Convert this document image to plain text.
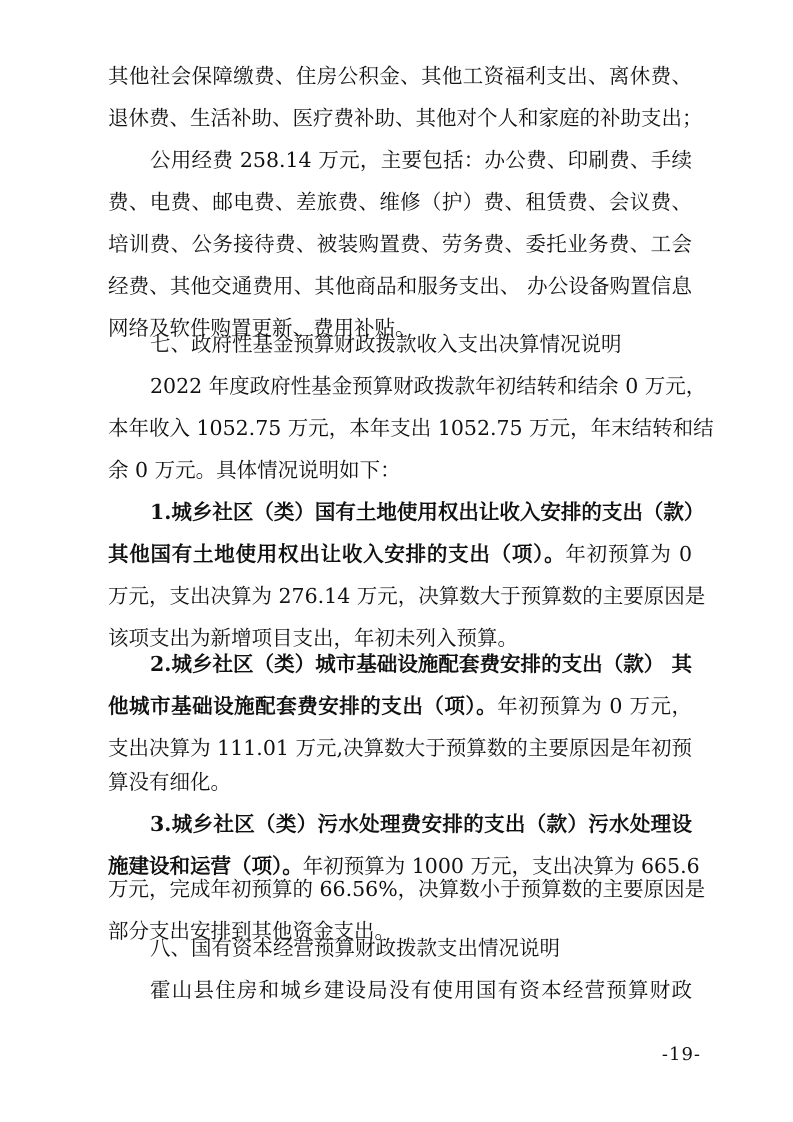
其他社会保障缴费、住房公积金、其他工资福利支出、离休费、
退休费、生活补助、医疗费补助、其他对个人和家庭的补助支出；
公用经费 258.14 万元，主要包括：办公费、印刷费、手续
费、电费、邮电费、差旅费、维修（护）费、租赁费、会议费、
培训费、公务接待费、被装购置费、劳务费、委托业务费、工会
经费、其他交通费用、其他商品和服务支出、 办公设备购置信息
网络及软件购置更新、费用补贴。
七、政府性基金预算财政拨款收入支出决算情况说明
2022 年度政府性基金预算财政拨款年初结转和结余 0 万元，
本年收入 1052.75 万元，本年支出 1052.75 万元，年末结转和结
余 0 万元。具体情况说明如下：
1.城乡社区（类）国有土地使用权出让收入安排的支出（款）
其他国有土地使用权出让收入安排的支出（项）。年初预算为 0
万元，支出决算为 276.14 万元，决算数大于预算数的主要原因是
该项支出为新增项目支出，年初未列入预算。
2.城乡社区（类）城市基础设施配套费安排的支出（款） 其
他城市基础设施配套费安排的支出（项）。年初预算为 0 万元，
支出决算为 111.01 万元,决算数大于预算数的主要原因是年初预
算没有细化。
3.城乡社区（类）污水处理费安排的支出（款）污水处理设
施建设和运营（项）。年初预算为 1000 万元，支出决算为 665.6
万元，完成年初预算的 66.56%，决算数小于预算数的主要原因是
部分支出安排到其他资金支出。
八、国有资本经营预算财政拨款支出情况说明
霍山县住房和城乡建设局没有使用国有资本经营预算财政
-19-
